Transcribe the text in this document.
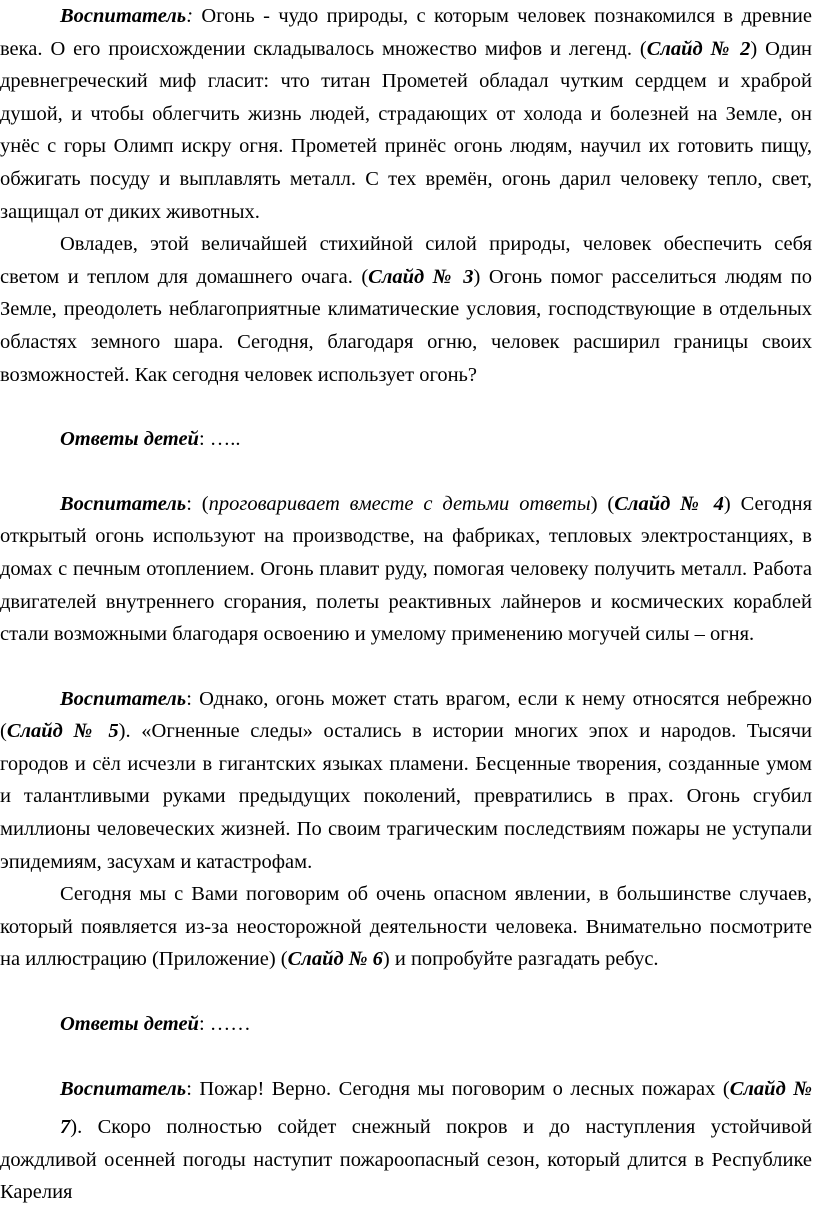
Воспитатель: Огонь - чудо природы, с которым человек познакомился в древние века. О его происхождении складывалось множество мифов и легенд. (Слайд № 2) Один древнегреческий миф гласит: что титан Прометей обладал чутким сердцем и храброй душой, и чтобы облегчить жизнь людей, страдающих от холода и болезней на Земле, он унёс с горы Олимп искру огня. Прометей принёс огонь людям, научил их готовить пищу, обжигать посуду и выплавлять металл. С тех времён, огонь дарил человеку тепло, свет, защищал от диких животных.

Овладев, этой величайшей стихийной силой природы, человек обеспечить себя светом и теплом для домашнего очага. (Слайд № 3) Огонь помог расселиться людям по Земле, преодолеть неблагоприятные климатические условия, господствующие в отдельных областях земного шара. Сегодня, благодаря огню, человек расширил границы своих возможностей. Как сегодня человек использует огонь?

Ответы детей: …..

Воспитатель: (проговаривает вместе с детьми ответы) (Слайд № 4) Сегодня открытый огонь используют на производстве, на фабриках, тепловых электростанциях, в домах с печным отоплением. Огонь плавит руду, помогая человеку получить металл. Работа двигателей внутреннего сгорания, полеты реактивных лайнеров и космических кораблей стали возможными благодаря освоению и умелому применению могучей силы – огня.

Воспитатель: Однако, огонь может стать врагом, если к нему относятся небрежно (Слайд № 5). «Огненные следы» остались в истории многих эпох и народов. Тысячи городов и сёл исчезли в гигантских языках пламени. Бесценные творения, созданные умом и талантливыми руками предыдущих поколений, превратились в прах. Огонь сгубил миллионы человеческих жизней. По своим трагическим последствиям пожары не уступали эпидемиям, засухам и катастрофам.

Сегодня мы с Вами поговорим об очень опасном явлении, в большинстве случаев, который появляется из-за неосторожной деятельности человека. Внимательно посмотрите на иллюстрацию (Приложение) (Слайд № 6) и попробуйте разгадать ребус.

Ответы детей: ……

Воспитатель: Пожар! Верно. Сегодня мы поговорим о лесных пожарах (Слайд №

7). Скоро полностью сойдет снежный покров и до наступления устойчивой дождливой осенней погоды наступит пожароопасный сезон, который длится в Республике Карелия
